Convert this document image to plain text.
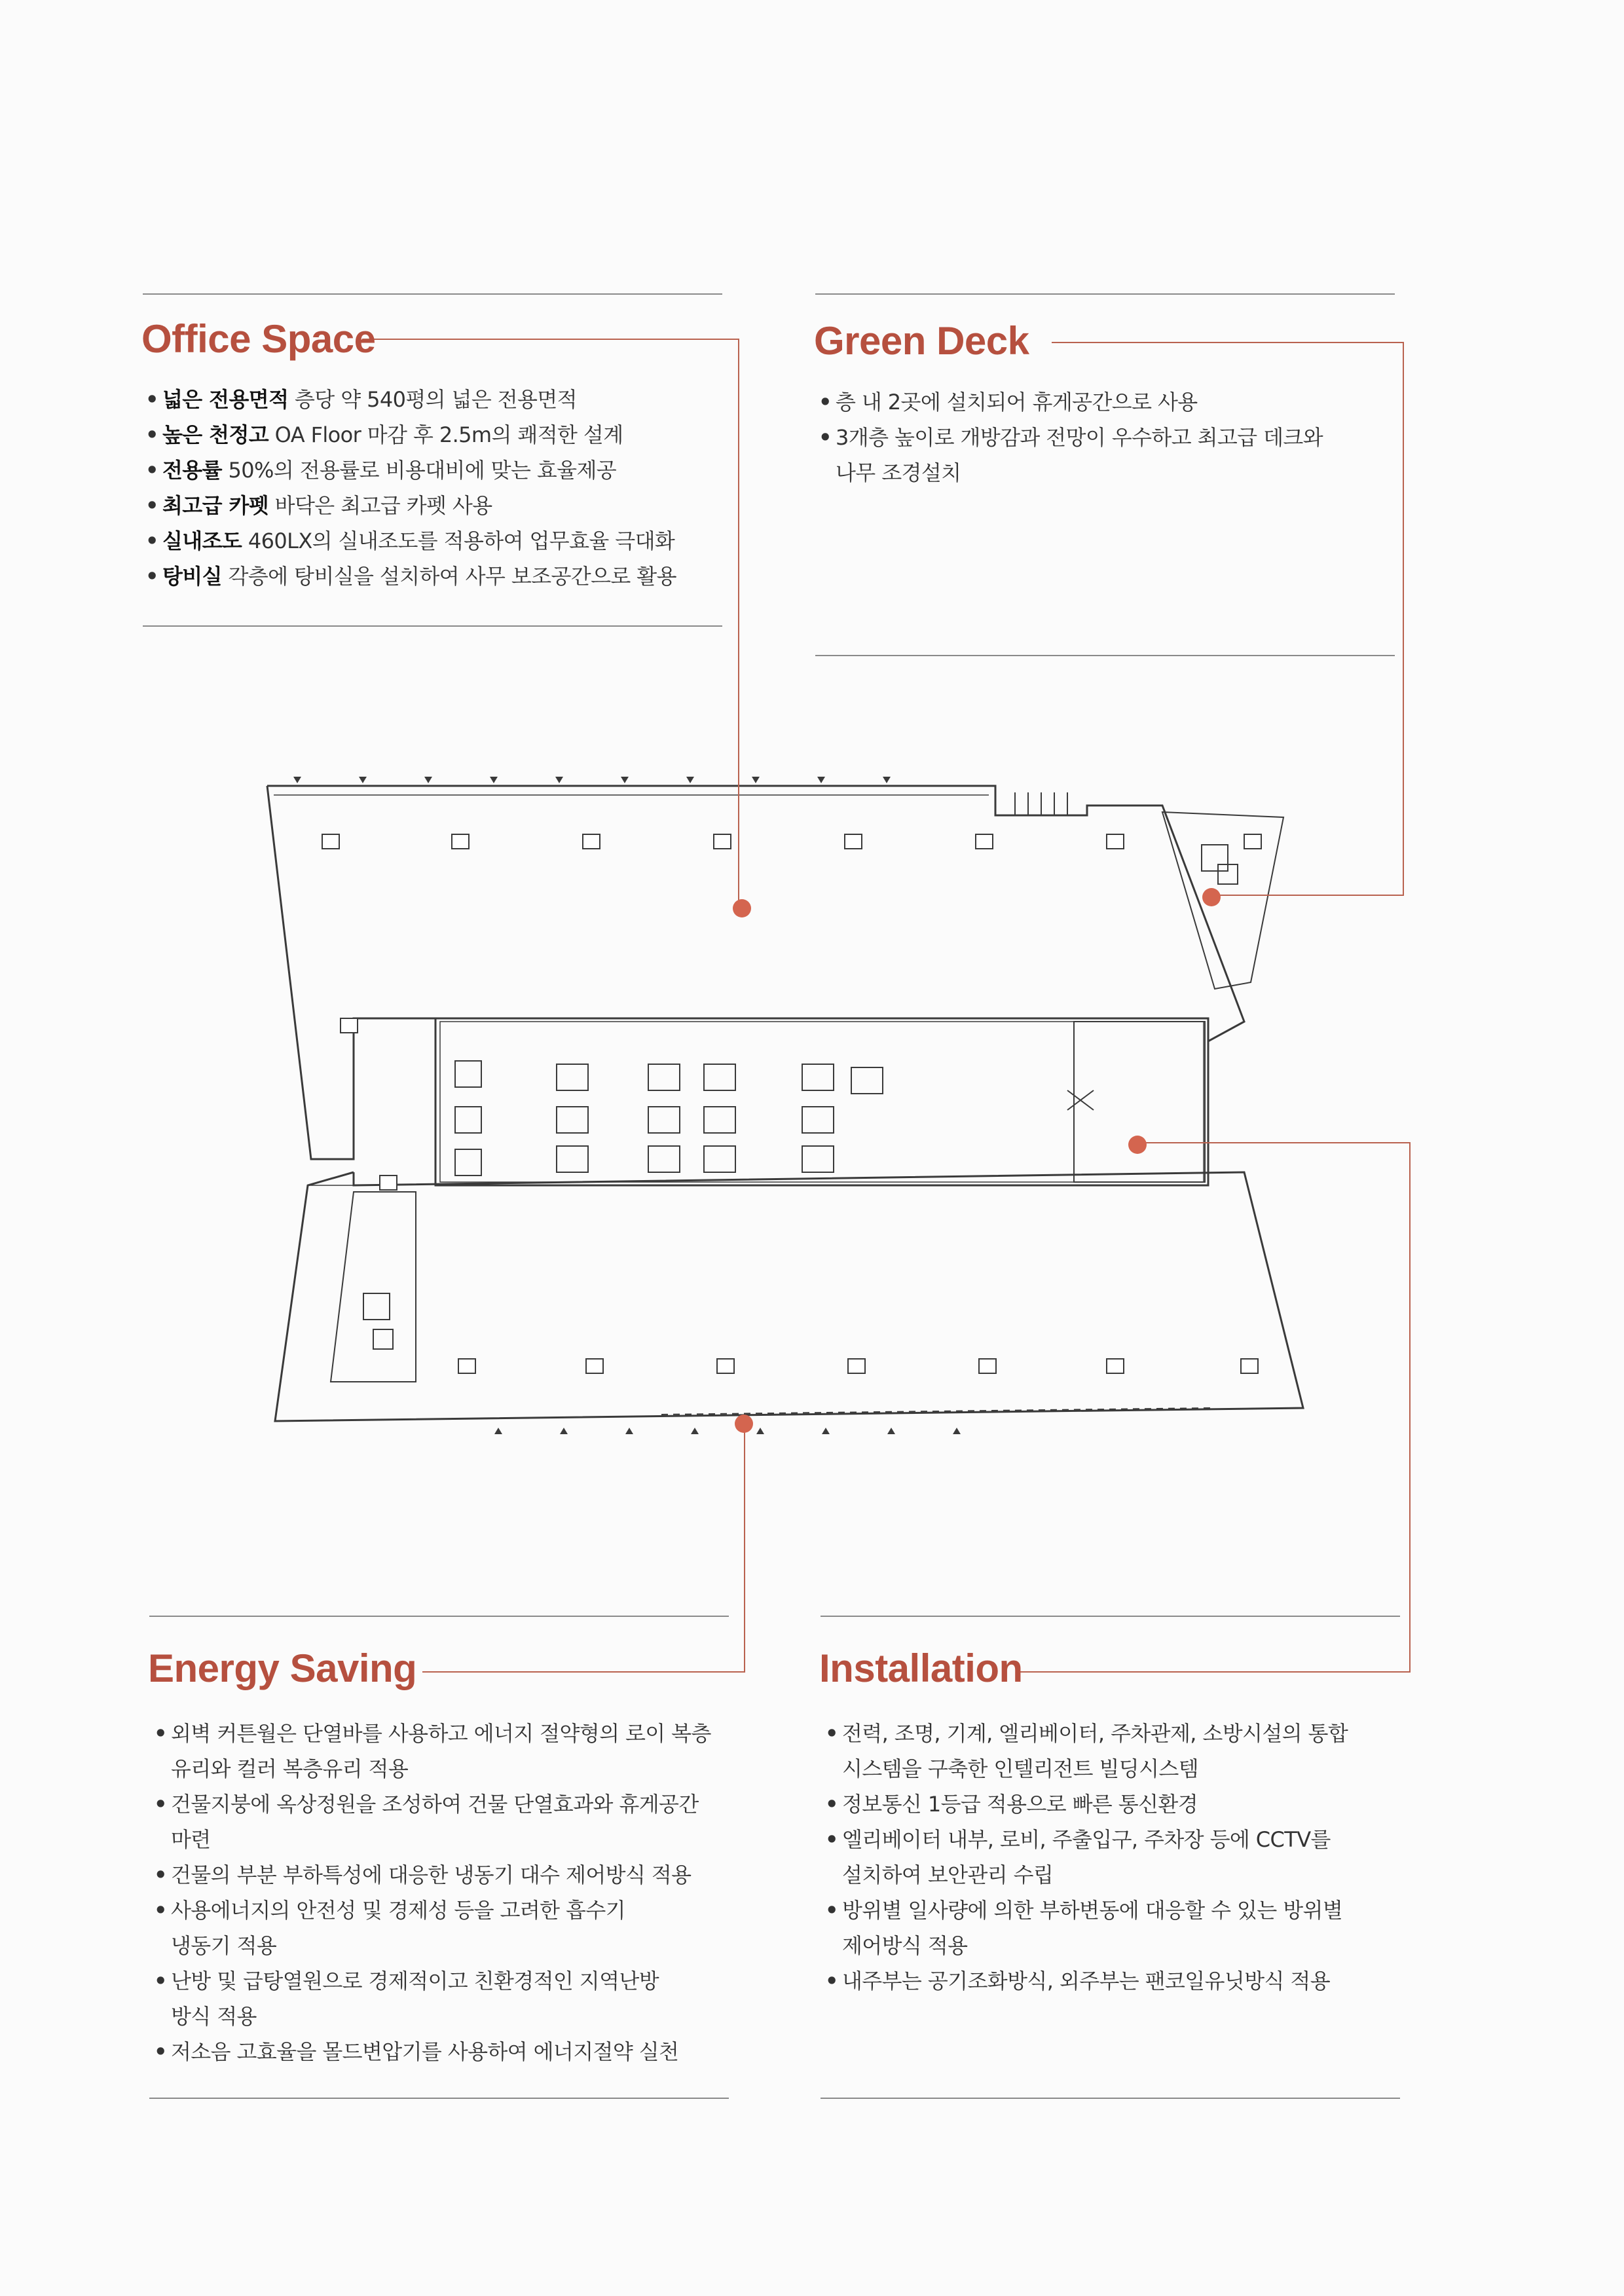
Office Space
• 넓은 전용면적 층당 약 540평의 넓은 전용면적
• 높은 천정고 OA Floor 마감 후 2.5m의 쾌적한 설계
• 전용률 50%의 전용률로 비용대비에 맞는 효율제공
• 최고급 카펫 바닥은 최고급 카펫 사용
• 실내조도 460LX의 실내조도를 적용하여 업무효율 극대화
• 탕비실 각층에 탕비실을 설치하여 사무 보조공간으로 활용
Green Deck
• 층 내 2곳에 설치되어 휴게공간으로 사용
• 3개층 높이로 개방감과 전망이 우수하고 최고급 데크와
나무 조경설치
Energy Saving
• 외벽 커튼월은 단열바를 사용하고 에너지 절약형의 로이 복층
유리와 컬러 복층유리 적용
• 건물지붕에 옥상정원을 조성하여 건물 단열효과와 휴게공간
마련
• 건물의 부분 부하특성에 대응한 냉동기 대수 제어방식 적용
• 사용에너지의 안전성 및 경제성 등을 고려한 흡수기
냉동기 적용
• 난방 및 급탕열원으로 경제적이고 친환경적인 지역난방
방식 적용
• 저소음 고효율을 몰드변압기를 사용하여 에너지절약 실천
Installation
• 전력, 조명, 기계, 엘리베이터, 주차관제, 소방시설의 통합
시스템을 구축한 인텔리전트 빌딩시스템
• 정보통신 1등급 적용으로 빠른 통신환경
• 엘리베이터 내부, 로비, 주출입구, 주차장 등에 CCTV를
설치하여 보안관리 수립
• 방위별 일사량에 의한 부하변동에 대응할 수 있는 방위별
제어방식 적용
• 내주부는 공기조화방식, 외주부는 팬코일유닛방식 적용
